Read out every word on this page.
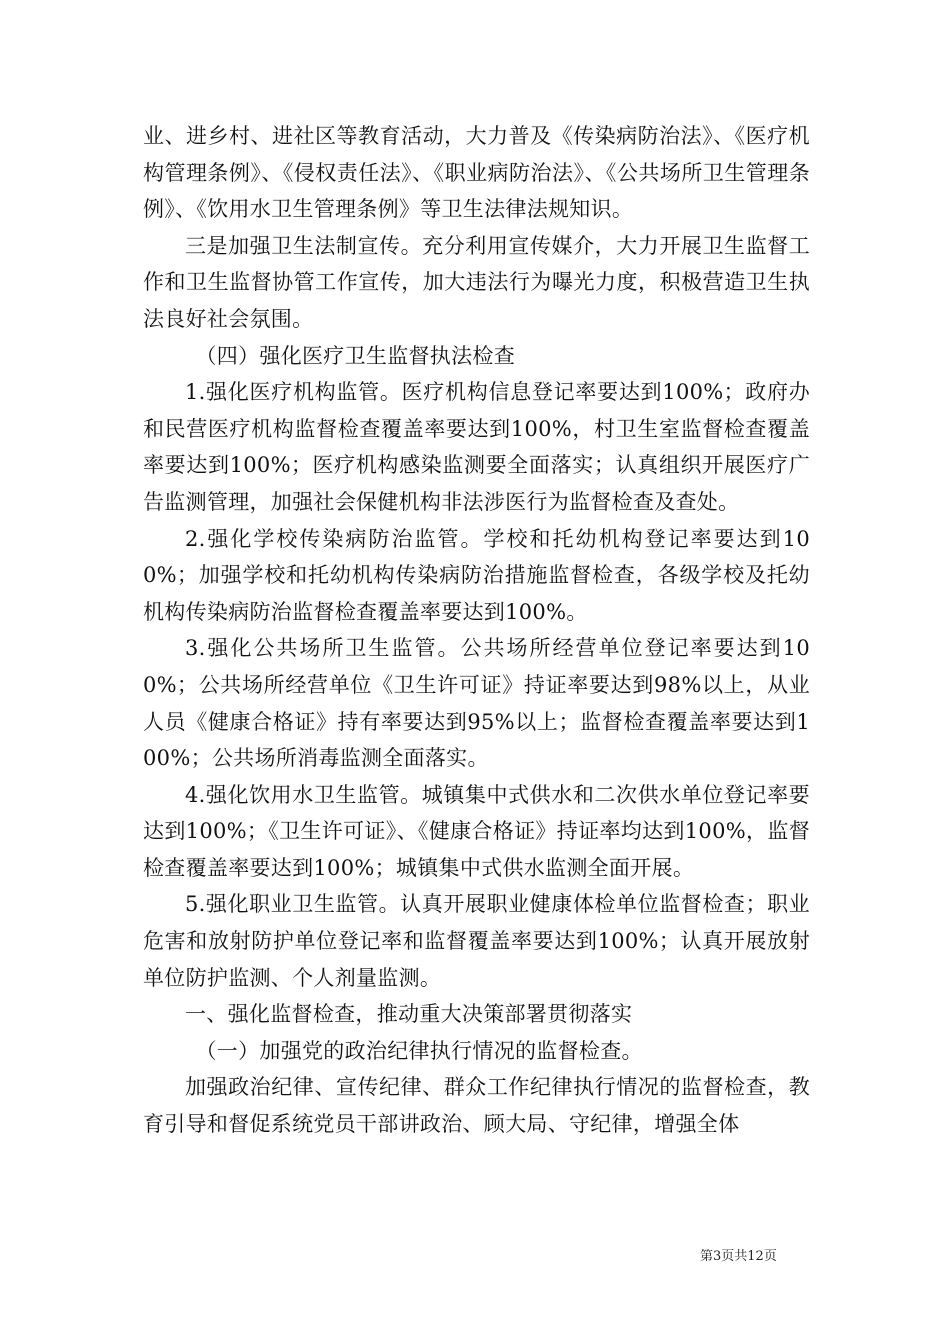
业、进乡村、进社区等教育活动，大力普及《传染病防治法》、《医疗机构管理条例》、《侵权责任法》、《职业病防治法》、《公共场所卫生管理条例》、《饮用水卫生管理条例》等卫生法律法规知识。

三是加强卫生法制宣传。充分利用宣传媒介，大力开展卫生监督工作和卫生监督协管工作宣传，加大违法行为曝光力度，积极营造卫生执法良好社会氛围。

（四）强化医疗卫生监督执法检查

1.强化医疗机构监管。医疗机构信息登记率要达到100%；政府办和民营医疗机构监督检查覆盖率要达到100%，村卫生室监督检查覆盖率要达到100%；医疗机构感染监测要全面落实；认真组织开展医疗广告监测管理，加强社会保健机构非法涉医行为监督检查及查处。

2.强化学校传染病防治监管。学校和托幼机构登记率要达到100%；加强学校和托幼机构传染病防治措施监督检查，各级学校及托幼机构传染病防治监督检查覆盖率要达到100%。

3.强化公共场所卫生监管。公共场所经营单位登记率要达到100%；公共场所经营单位《卫生许可证》持证率要达到98%以上，从业人员《健康合格证》持有率要达到95%以上；监督检查覆盖率要达到100%；公共场所消毒监测全面落实。

4.强化饮用水卫生监管。城镇集中式供水和二次供水单位登记率要达到100%；《卫生许可证》、《健康合格证》持证率均达到100%，监督检查覆盖率要达到100%；城镇集中式供水监测全面开展。

5.强化职业卫生监管。认真开展职业健康体检单位监督检查；职业危害和放射防护单位登记率和监督覆盖率要达到100%；认真开展放射单位防护监测、个人剂量监测。

一、强化监督检查，推动重大决策部署贯彻落实

（一）加强党的政治纪律执行情况的监督检查。

加强政治纪律、宣传纪律、群众工作纪律执行情况的监督检查，教育引导和督促系统党员干部讲政治、顾大局、守纪律，增强全体

第3页共12页
